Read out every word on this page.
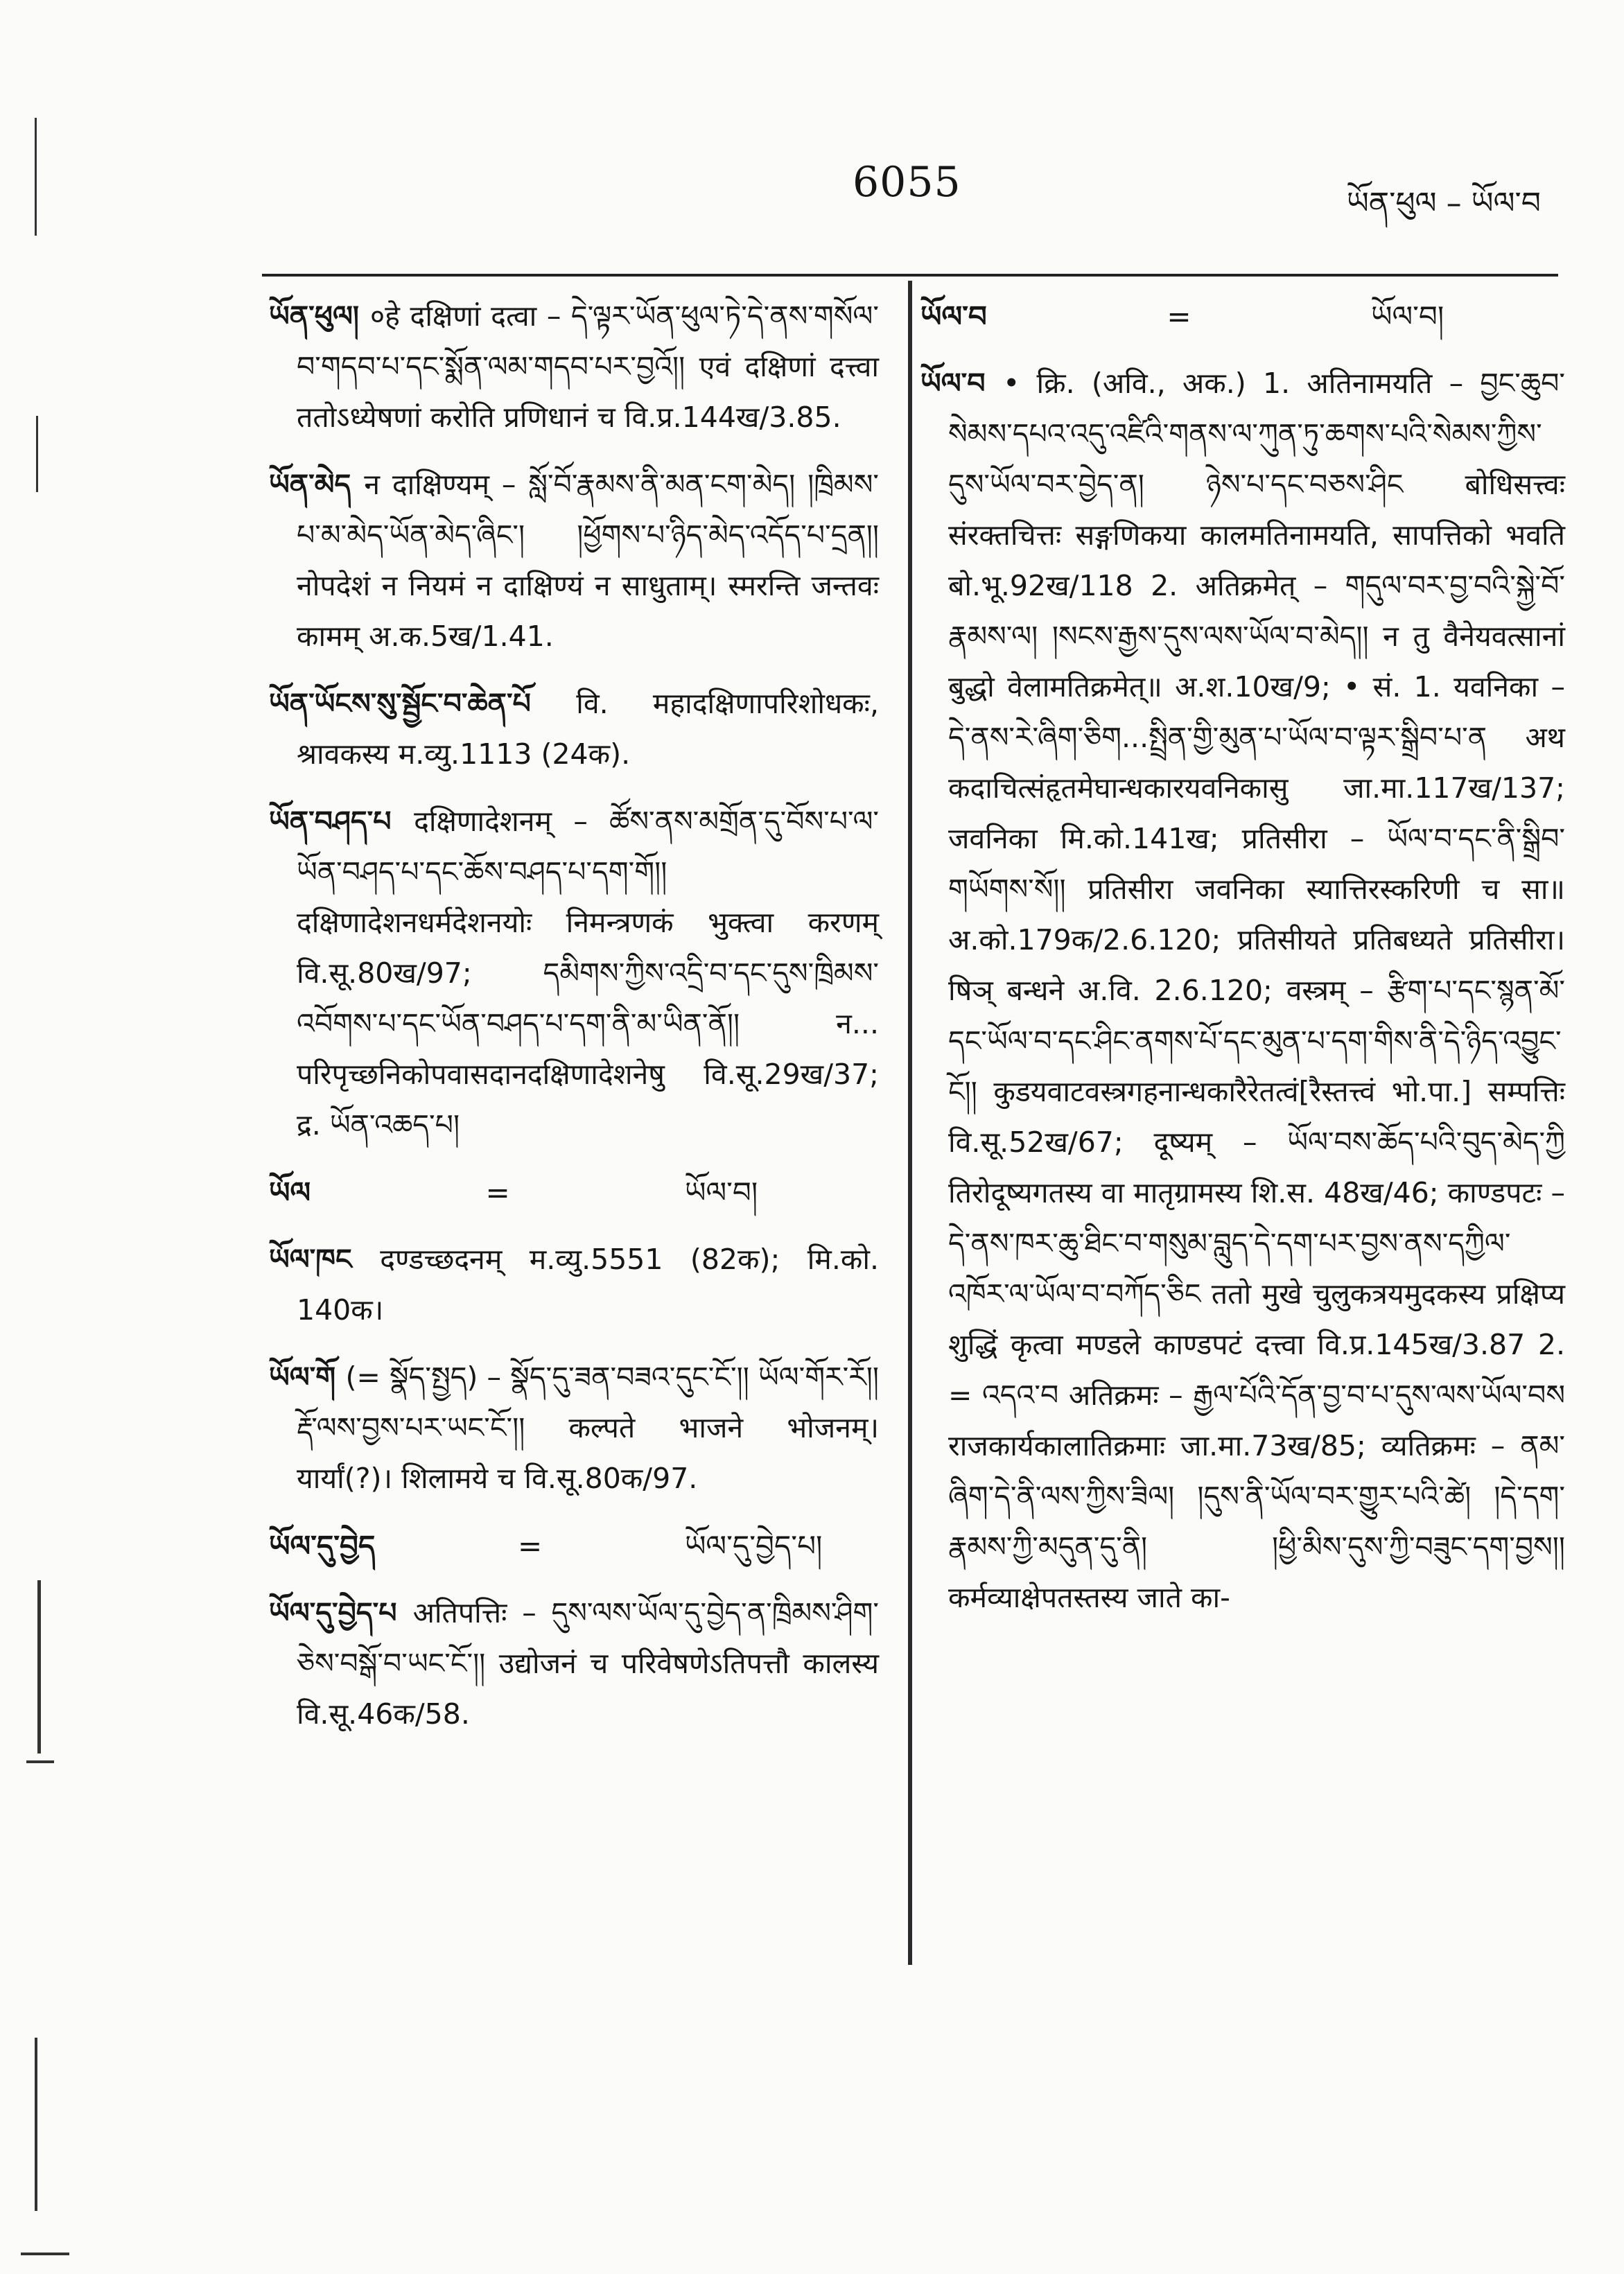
6055	ཡོན་ཕུལ – ཡོལ་བ
ཡོན་ཕུལ། ०हे दक्षिणां दत्वा – དེ་ལྟར་ཡོན་ཕུལ་ཏེ་དེ་ནས་གསོལ་བ་གདབ་པ་དང་སྨོན་ལམ་གདབ་པར་བྱའོ།། एवं दक्षिणां दत्त्वा ततोऽध्येषणां करोति प्रणिधानं च वि.प्र.144ख/3.85.
ཡོན་མེད न दाक्षिण्यम् – སློ་བོ་རྣམས་ནི་མན་ངག་མེད། །ཁྲིམས་པ་མ་མེད་ཡོན་མེད་ཞིང་། །ཕྱོགས་པ་ཉིད་མེད་འདོད་པ་དྲན།། नोपदेशं न नियमं न दाक्षिण्यं न साधुताम्। स्मरन्ति जन्तवः कामम् अ.क.5ख/1.41.
ཡོན་ཡོངས་སུ་སྦྱོང་བ་ཆེན་པོ वि. महादक्षिणापरिशोधकः, श्रावकस्य म.व्यु.1113 (24क).
ཡོན་བཤད་པ दक्षिणादेशनम् – ཚོས་ནས་མགྲོན་དུ་བོས་པ་ལ་ཡོན་བཤད་པ་དང་ཆོས་བཤད་པ་དག་གོ།། दक्षिणादेशनधर्मदेशनयोः निमन्त्रणकं भुक्त्वा करणम् वि.सू.80ख/97; དམིགས་ཀྱིས་འདྲི་བ་དང་དུས་ཁྲིམས་འབོགས་པ་དང་ཡོན་བཤད་པ་དག་ནི་མ་ཡིན་ནོ།། न... परिपृच्छनिकोपवासदानदक्षिणादेशनेषु वि.सू.29ख/37; द्र. ཡོན་འཆད་པ།
ཡོལ	=	ཡོལ་བ།
ཡོལ་ཁང दण्डच्छदनम् म.व्यु.5551 (82क); मि.को. 140क।
ཡོལ་གོ (= སྣོད་སྤྱད) – སྣོད་དུ་ཟན་བཟའ་དུང་ངོ་།། ཡོལ་གོར་རོ།། རྡོ་ལས་བྱས་པར་ཡང་ངོ་།། कल्पते भाजने भोजनम्। यार्यां(?)। शिलामये च वि.सू.80क/97.
ཡོལ་དུ་བྱེད	=	ཡོལ་དུ་བྱེད་པ།
ཡོལ་དུ་བྱེད་པ अतिपत्तिः – དུས་ལས་ཡོལ་དུ་བྱེད་ན་ཁྲིམས་ཤིག་ཅེས་བསྒོ་བ་ཡང་ངོ་།། उद्योजनं च परिवेषणेऽतिपत्तौ कालस्य वि.सू.46क/58.
ཡོལ་བ	=	ཡོལ་བ།
ཡོལ་བ • क्रि. (अवि., अक.) 1. अतिनामयति – བྱང་ཆུབ་སེམས་དཔའ་འདུ་འཛིའི་གནས་ལ་ཀུན་ཏུ་ཆགས་པའི་སེམས་ཀྱིས་དུས་ཡོལ་བར་བྱེད་ན། ཉེས་པ་དང་བཅས་ཤིང बोधिसत्त्वः संरक्तचित्तः सङ्गणिकया कालमतिनामयति, सापत्तिको भवति बो.भू.92ख/118 2. अतिक्रमेत् – གདུལ་བར་བྱ་བའི་སྐྱེ་བོ་རྣམས་ལ། །སངས་རྒྱས་དུས་ལས་ཡོལ་བ་མེད།། न तु वैनेयवत्सानां बुद्धो वेलामतिक्रमेत्॥ अ.श.10ख/9; • सं. 1. यवनिका – དེ་ནས་རེ་ཞིག་ཅིག...སྤྲིན་གྱི་མུན་པ་ཡོལ་བ་ལྟར་སྒྲིབ་པ་ན अथ कदाचित्संहृतमेघान्धकारयवनिकासु जा.मा.117ख/137; जवनिका मि.को.141ख; प्रतिसीरा – ཡོལ་བ་དང་ནི་སྒྲིབ་གཡོགས་སོ།། प्रतिसीरा जवनिका स्यात्तिरस्करिणी च सा॥ अ.को.179क/2.6.120; प्रतिसीयते प्रतिबध्यते प्रतिसीरा। षिञ् बन्धने अ.वि. 2.6.120; वस्त्रम् – རྩིག་པ་དང་སྙན་མོ་དང་ཡོལ་བ་དང་ཤིང་ནགས་པོ་དང་མུན་པ་དག་གིས་ནི་དེ་ཉིད་འབྱུང་ངོ།། कुडयवाटवस्त्रगहनान्धकारैरेतत्वं[रैस्तत्त्वं भो.पा.] सम्पत्तिः वि.सू.52ख/67; दूष्यम् – ཡོལ་བས་ཆོད་པའི་བུད་མེད་ཀྱི तिरोदूष्यगतस्य वा मातृग्रामस्य शि.स. 48ख/46; काण्डपटः – དེ་ནས་ཁར་ཆུ་ཐིང་བ་གསུམ་བླུད་དེ་དག་པར་བྱས་ནས་དཀྱིལ་འཁོར་ལ་ཡོལ་བ་བཀོད་ཅིང ततो मुखे चुलुकत्रयमुदकस्य प्रक्षिप्य शुद्धिं कृत्वा मण्डले काण्डपटं दत्त्वा वि.प्र.145ख/3.87 2. = འདའ་བ अतिक्रमः – རྒྱལ་པོའི་དོན་བྱ་བ་པ་དུས་ལས་ཡོལ་བས राजकार्यकालातिक्रमाः जा.मा.73ख/85; व्यतिक्रमः – ནམ་ཞིག་དེ་ནི་ལས་ཀྱིས་ཟིལ། །དུས་ནི་ཡོལ་བར་གྱུར་པའི་ཚེ། །དེ་དག་རྣམས་ཀྱི་མདུན་དུ་ནི། །ཕྱི་མིས་དུས་ཀྱི་བཟུང་དག་བྱས།། कर्मव्याक्षेपतस्तस्य जाते का-
